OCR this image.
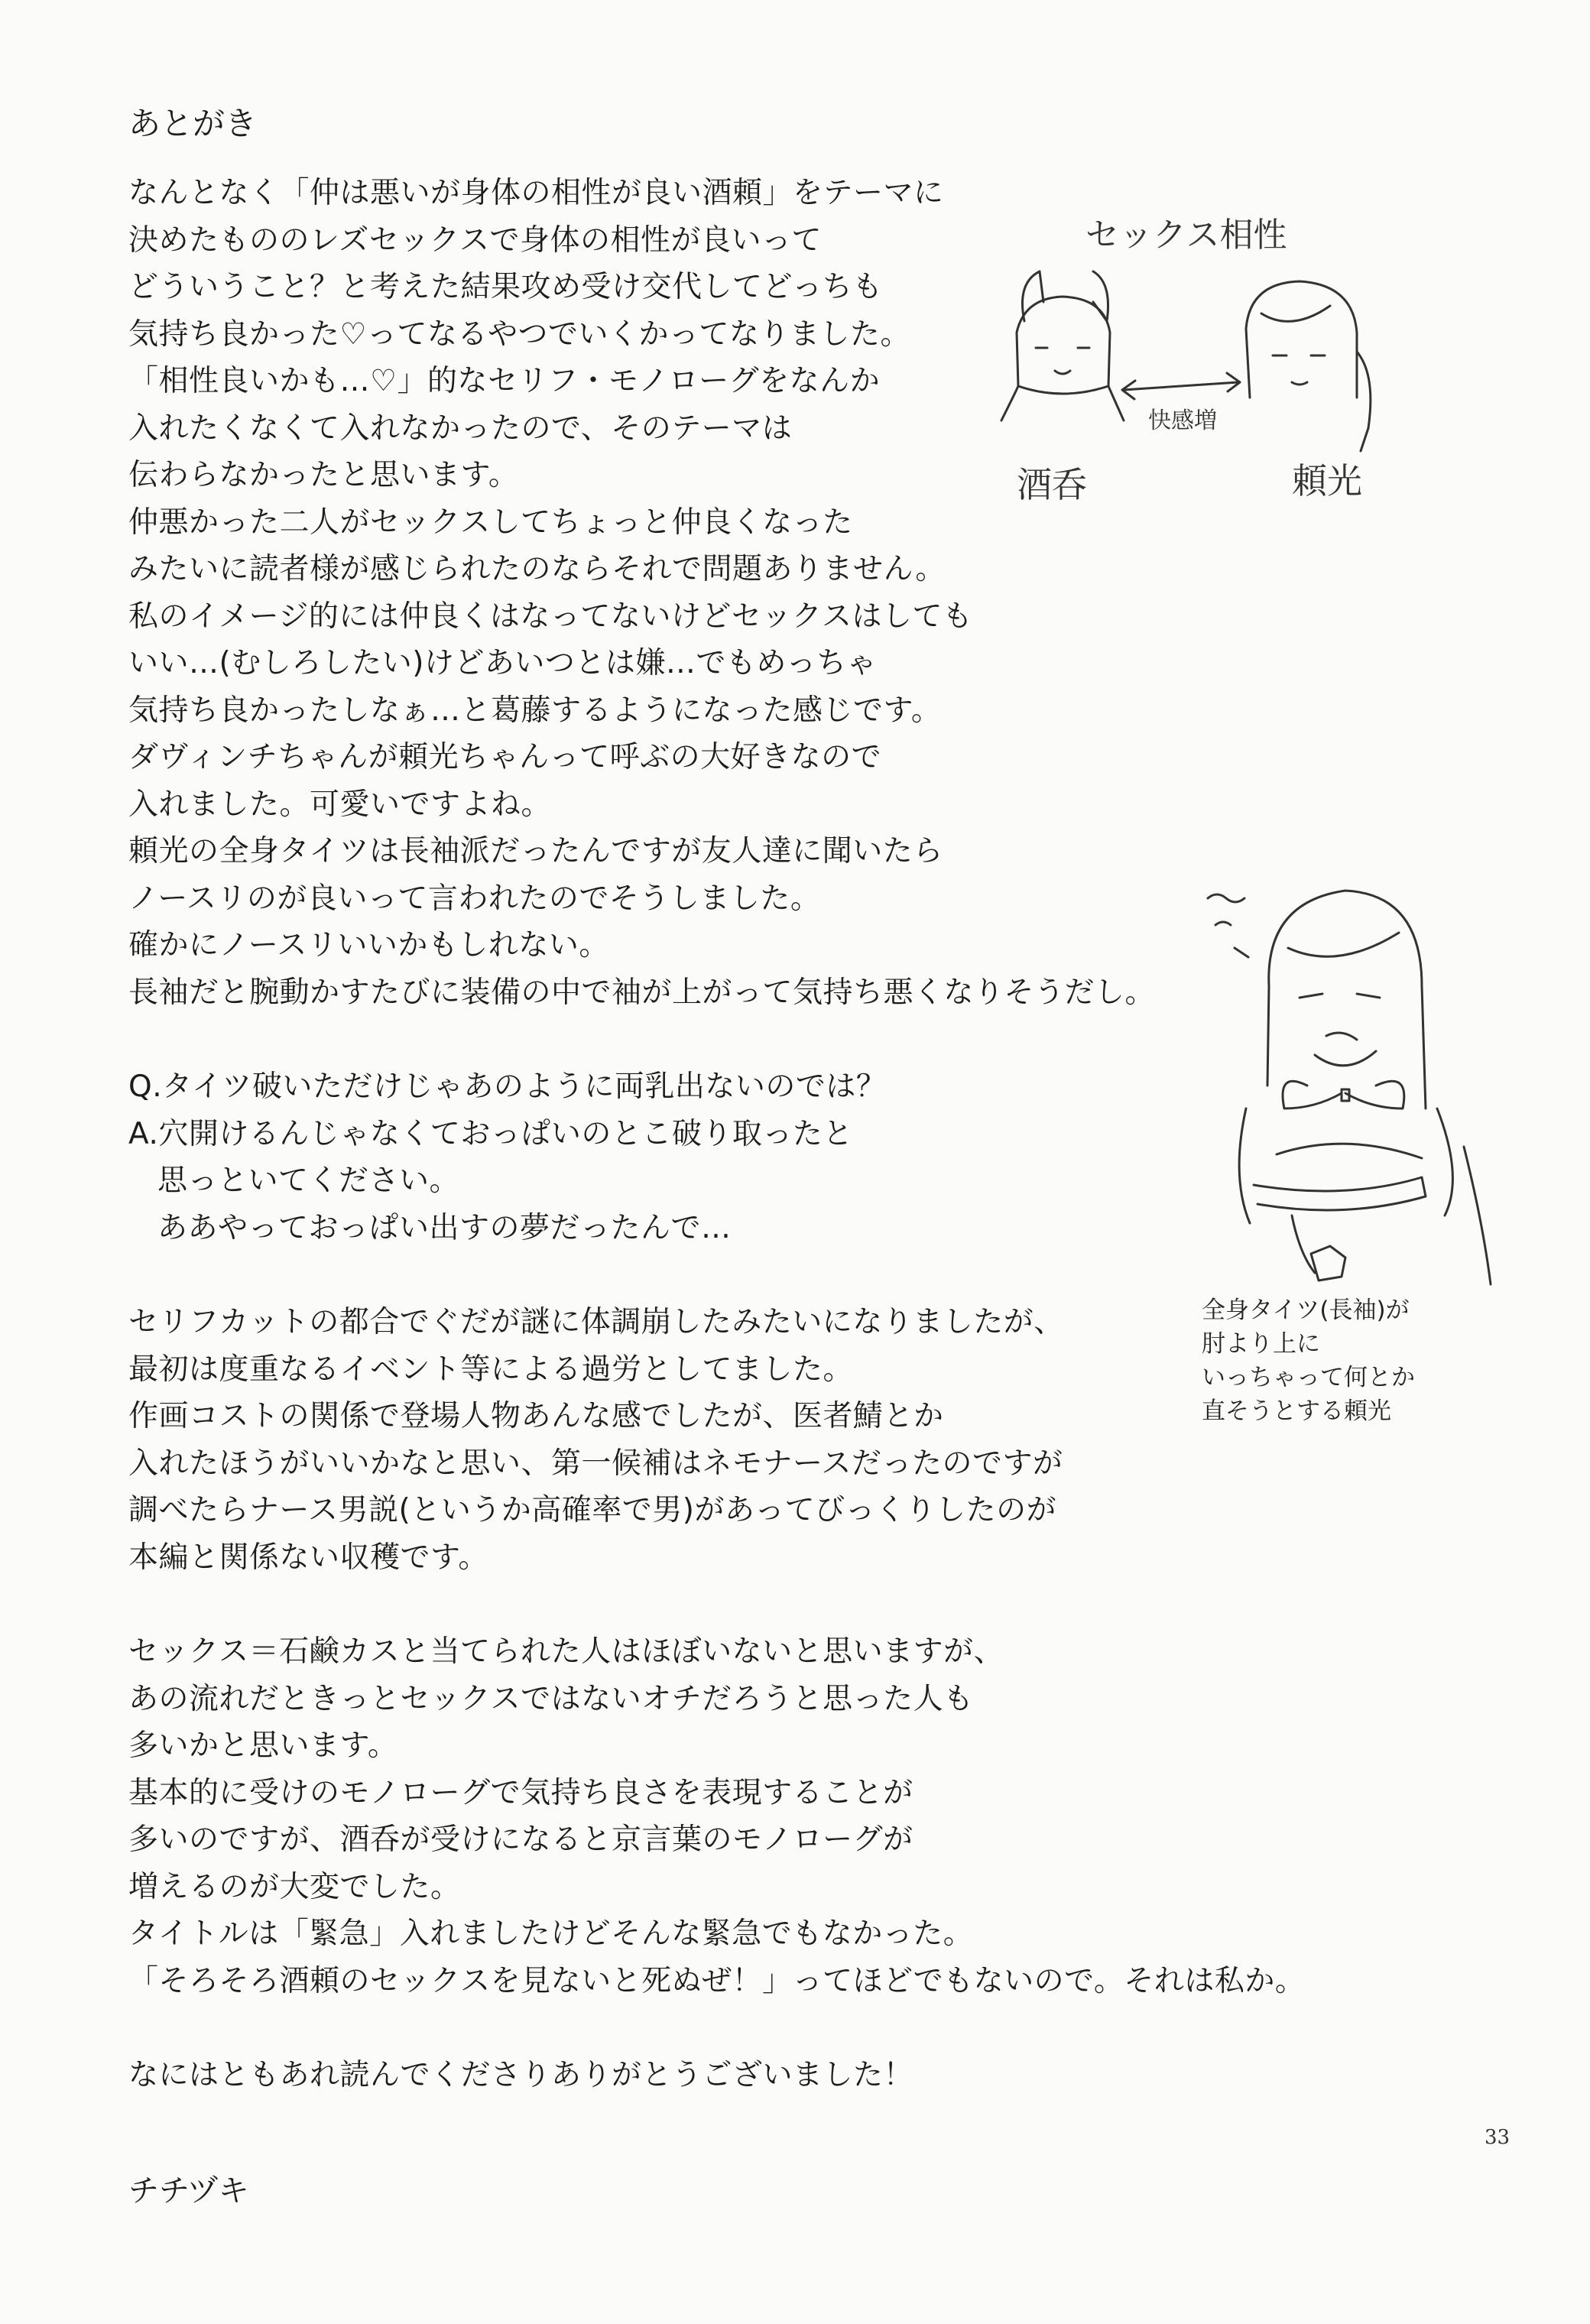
あとがき
なんとなく「仲は悪いが身体の相性が良い酒頼」をテーマに
決めたもののレズセックスで身体の相性が良いって
どういうこと？と考えた結果攻め受け交代してどっちも
気持ち良かった♡ってなるやつでいくかってなりました。
「相性良いかも…♡」的なセリフ・モノローグをなんか
入れたくなくて入れなかったので、そのテーマは
伝わらなかったと思います。
仲悪かった二人がセックスしてちょっと仲良くなった
みたいに読者様が感じられたのならそれで問題ありません。
私のイメージ的には仲良くはなってないけどセックスはしても
いい…(むしろしたい)けどあいつとは嫌…でもめっちゃ
気持ち良かったしなぁ…と葛藤するようになった感じです。
ダヴィンチちゃんが頼光ちゃんって呼ぶの大好きなので
入れました。可愛いですよね。
頼光の全身タイツは長袖派だったんですが友人達に聞いたら
ノースリのが良いって言われたのでそうしました。
確かにノースリいいかもしれない。
長袖だと腕動かすたびに装備の中で袖が上がって気持ち悪くなりそうだし。
Q.タイツ破いただけじゃあのように両乳出ないのでは？
A.穴開けるんじゃなくておっぱいのとこ破り取ったと
思っといてください。
ああやっておっぱい出すの夢だったんで…
セリフカットの都合でぐだが謎に体調崩したみたいになりましたが、
最初は度重なるイベント等による過労としてました。
作画コストの関係で登場人物あんな感でしたが、医者鯖とか
入れたほうがいいかなと思い、第一候補はネモナースだったのですが
調べたらナース男説(というか高確率で男)があってびっくりしたのが
本編と関係ない収穫です。
セックス＝石鹸カスと当てられた人はほぼいないと思いますが、
あの流れだときっとセックスではないオチだろうと思った人も
多いかと思います。
基本的に受けのモノローグで気持ち良さを表現することが
多いのですが、酒呑が受けになると京言葉のモノローグが
増えるのが大変でした。
タイトルは「緊急」入れましたけどそんな緊急でもなかった。
「そろそろ酒頼のセックスを見ないと死ぬぜ！」ってほどでもないので。それは私か。
なにはともあれ読んでくださりありがとうございました！
チチヅキ
33
セックス相性
快感増
酒呑	頼光
全身タイツ(長袖)が
肘より上に
いっちゃって何とか
直そうとする頼光
